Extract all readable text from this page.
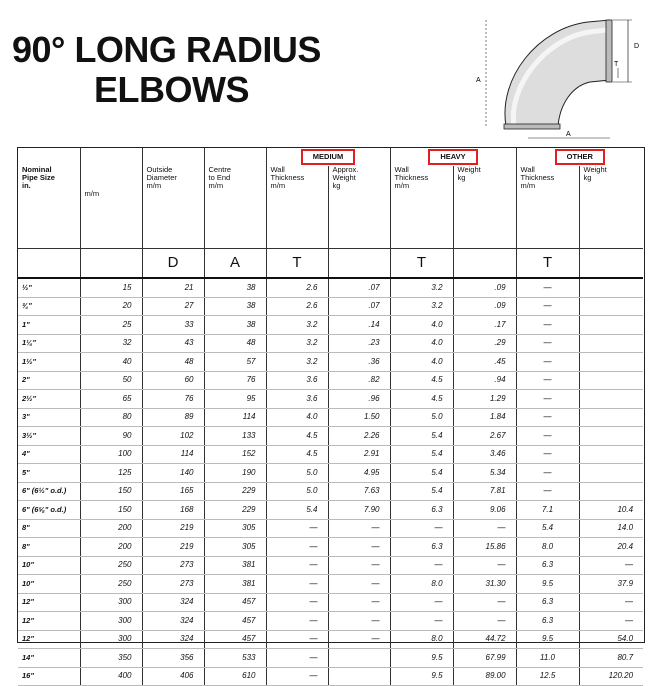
90° LONG RADIUS
ELBOWS
D
T
A
A
				MEDIUM		HEAVY		OTHER	
Nominal
Pipe Size
in.	m/m	Outside
Diameter
m/m	Centre
to End
m/m	Wall
Thickness
m/m	Approx.
Weight
kg	Wall
Thickness
m/m	Weight
kg	Wall
Thickness
m/m	Weight
kg
		D	A	T		T		T	
½"	15	21	38	2.6	.07	3.2	.09	—	
¾"	20	27	38	2.6	.07	3.2	.09	—	
1"	25	33	38	3.2	.14	4.0	.17	—	
1¼"	32	43	48	3.2	.23	4.0	.29	—	
1½"	40	48	57	3.2	.36	4.0	.45	—	
2"	50	60	76	3.6	.82	4.5	.94	—	
2½"	65	76	95	3.6	.96	4.5	1.29	—	
3"	80	89	114	4.0	1.50	5.0	1.84	—	
3½"	90	102	133	4.5	2.26	5.4	2.67	—	
4"	100	114	152	4.5	2.91	5.4	3.46	—	
5"	125	140	190	5.0	4.95	5.4	5.34	—	
6" (6½" o.d.)	150	165	229	5.0	7.63	5.4	7.81	—	
6" (6⅝" o.d.)	150	168	229	5.4	7.90	6.3	9.06	7.1	10.4
8"	200	219	305	—	—	—	—	5.4	14.0
8"	200	219	305	—	—	6.3	15.86	8.0	20.4
10"	250	273	381	—	—	—	—	6.3	—
10"	250	273	381	—	—	8.0	31.30	9.5	37.9
12"	300	324	457	—	—	—	—	6.3	—
12"	300	324	457	—	—	—	—	6.3	—
12"	300	324	457	—	—	8.0	44.72	9.5	54.0
14"	350	356	533	—		9.5	67.99	11.0	80.7
16"	400	406	610	—		9.5	89.00	12.5	120.20
